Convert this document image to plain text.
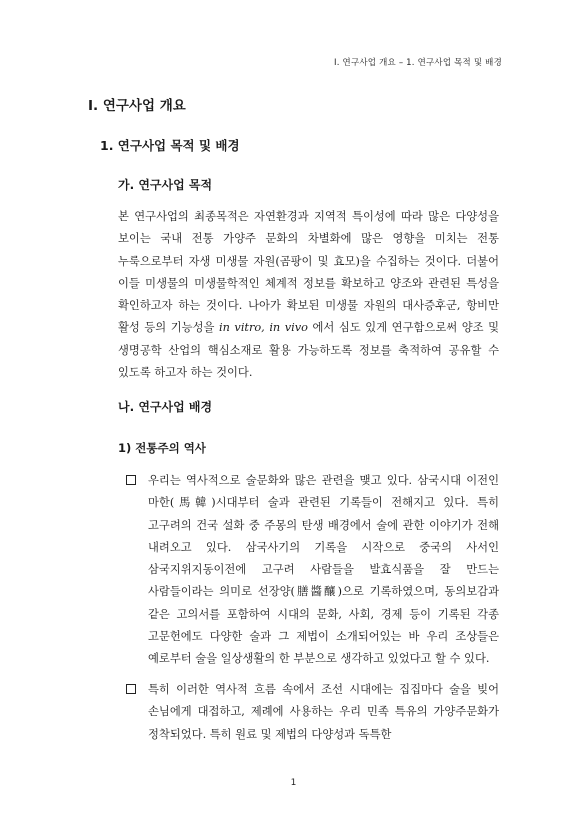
I. 연구사업 개요 – 1. 연구사업 목적 및 배경
Ⅰ. 연구사업 개요
1. 연구사업 목적 및 배경
가. 연구사업 목적
본 연구사업의 최종목적은 자연환경과 지역적 특이성에 따라 많은 다양성을 보이는 국내 전통 가양주 문화의 차별화에 많은 영향을 미치는 전통 누룩으로부터 자생 미생물 자원(곰팡이 및 효모)을 수집하는 것이다. 더불어 이들 미생물의 미생물학적인 체계적 정보를 확보하고 양조와 관련된 특성을 확인하고자 하는 것이다. 나아가 확보된 미생물 자원의 대사증후군, 항비만 활성 등의 기능성을 in vitro, in vivo 에서 심도 있게 연구함으로써 양조 및 생명공학 산업의 핵심소재로 활용 가능하도록 정보를 축적하여 공유할 수 있도록 하고자 하는 것이다.
나. 연구사업 배경
1) 전통주의 역사
우리는 역사적으로 술문화와 많은 관련을 맺고 있다. 삼국시대 이전인 마한(馬韓)시대부터 술과 관련된 기록들이 전해지고 있다. 특히 고구려의 건국 설화 중 주몽의 탄생 배경에서 술에 관한 이야기가 전해 내려오고 있다. 삼국사기의 기록을 시작으로 중국의 사서인 삼국지위지동이전에 고구려 사람들을 발효식품을 잘 만드는 사람들이라는 의미로 선장양(膳醬釀)으로 기록하였으며, 동의보감과 같은 고의서를 포함하여 시대의 문화, 사회, 경제 등이 기록된 각종 고문헌에도 다양한 술과 그 제법이 소개되어있는 바 우리 조상들은 예로부터 술을 일상생활의 한 부분으로 생각하고 있었다고 할 수 있다.
특히 이러한 역사적 흐름 속에서 조선 시대에는 집집마다 술을 빚어 손님에게 대접하고, 제례에 사용하는 우리 민족 특유의 가양주문화가 정착되었다. 특히 원료 및 제법의 다양성과 독특한
1
